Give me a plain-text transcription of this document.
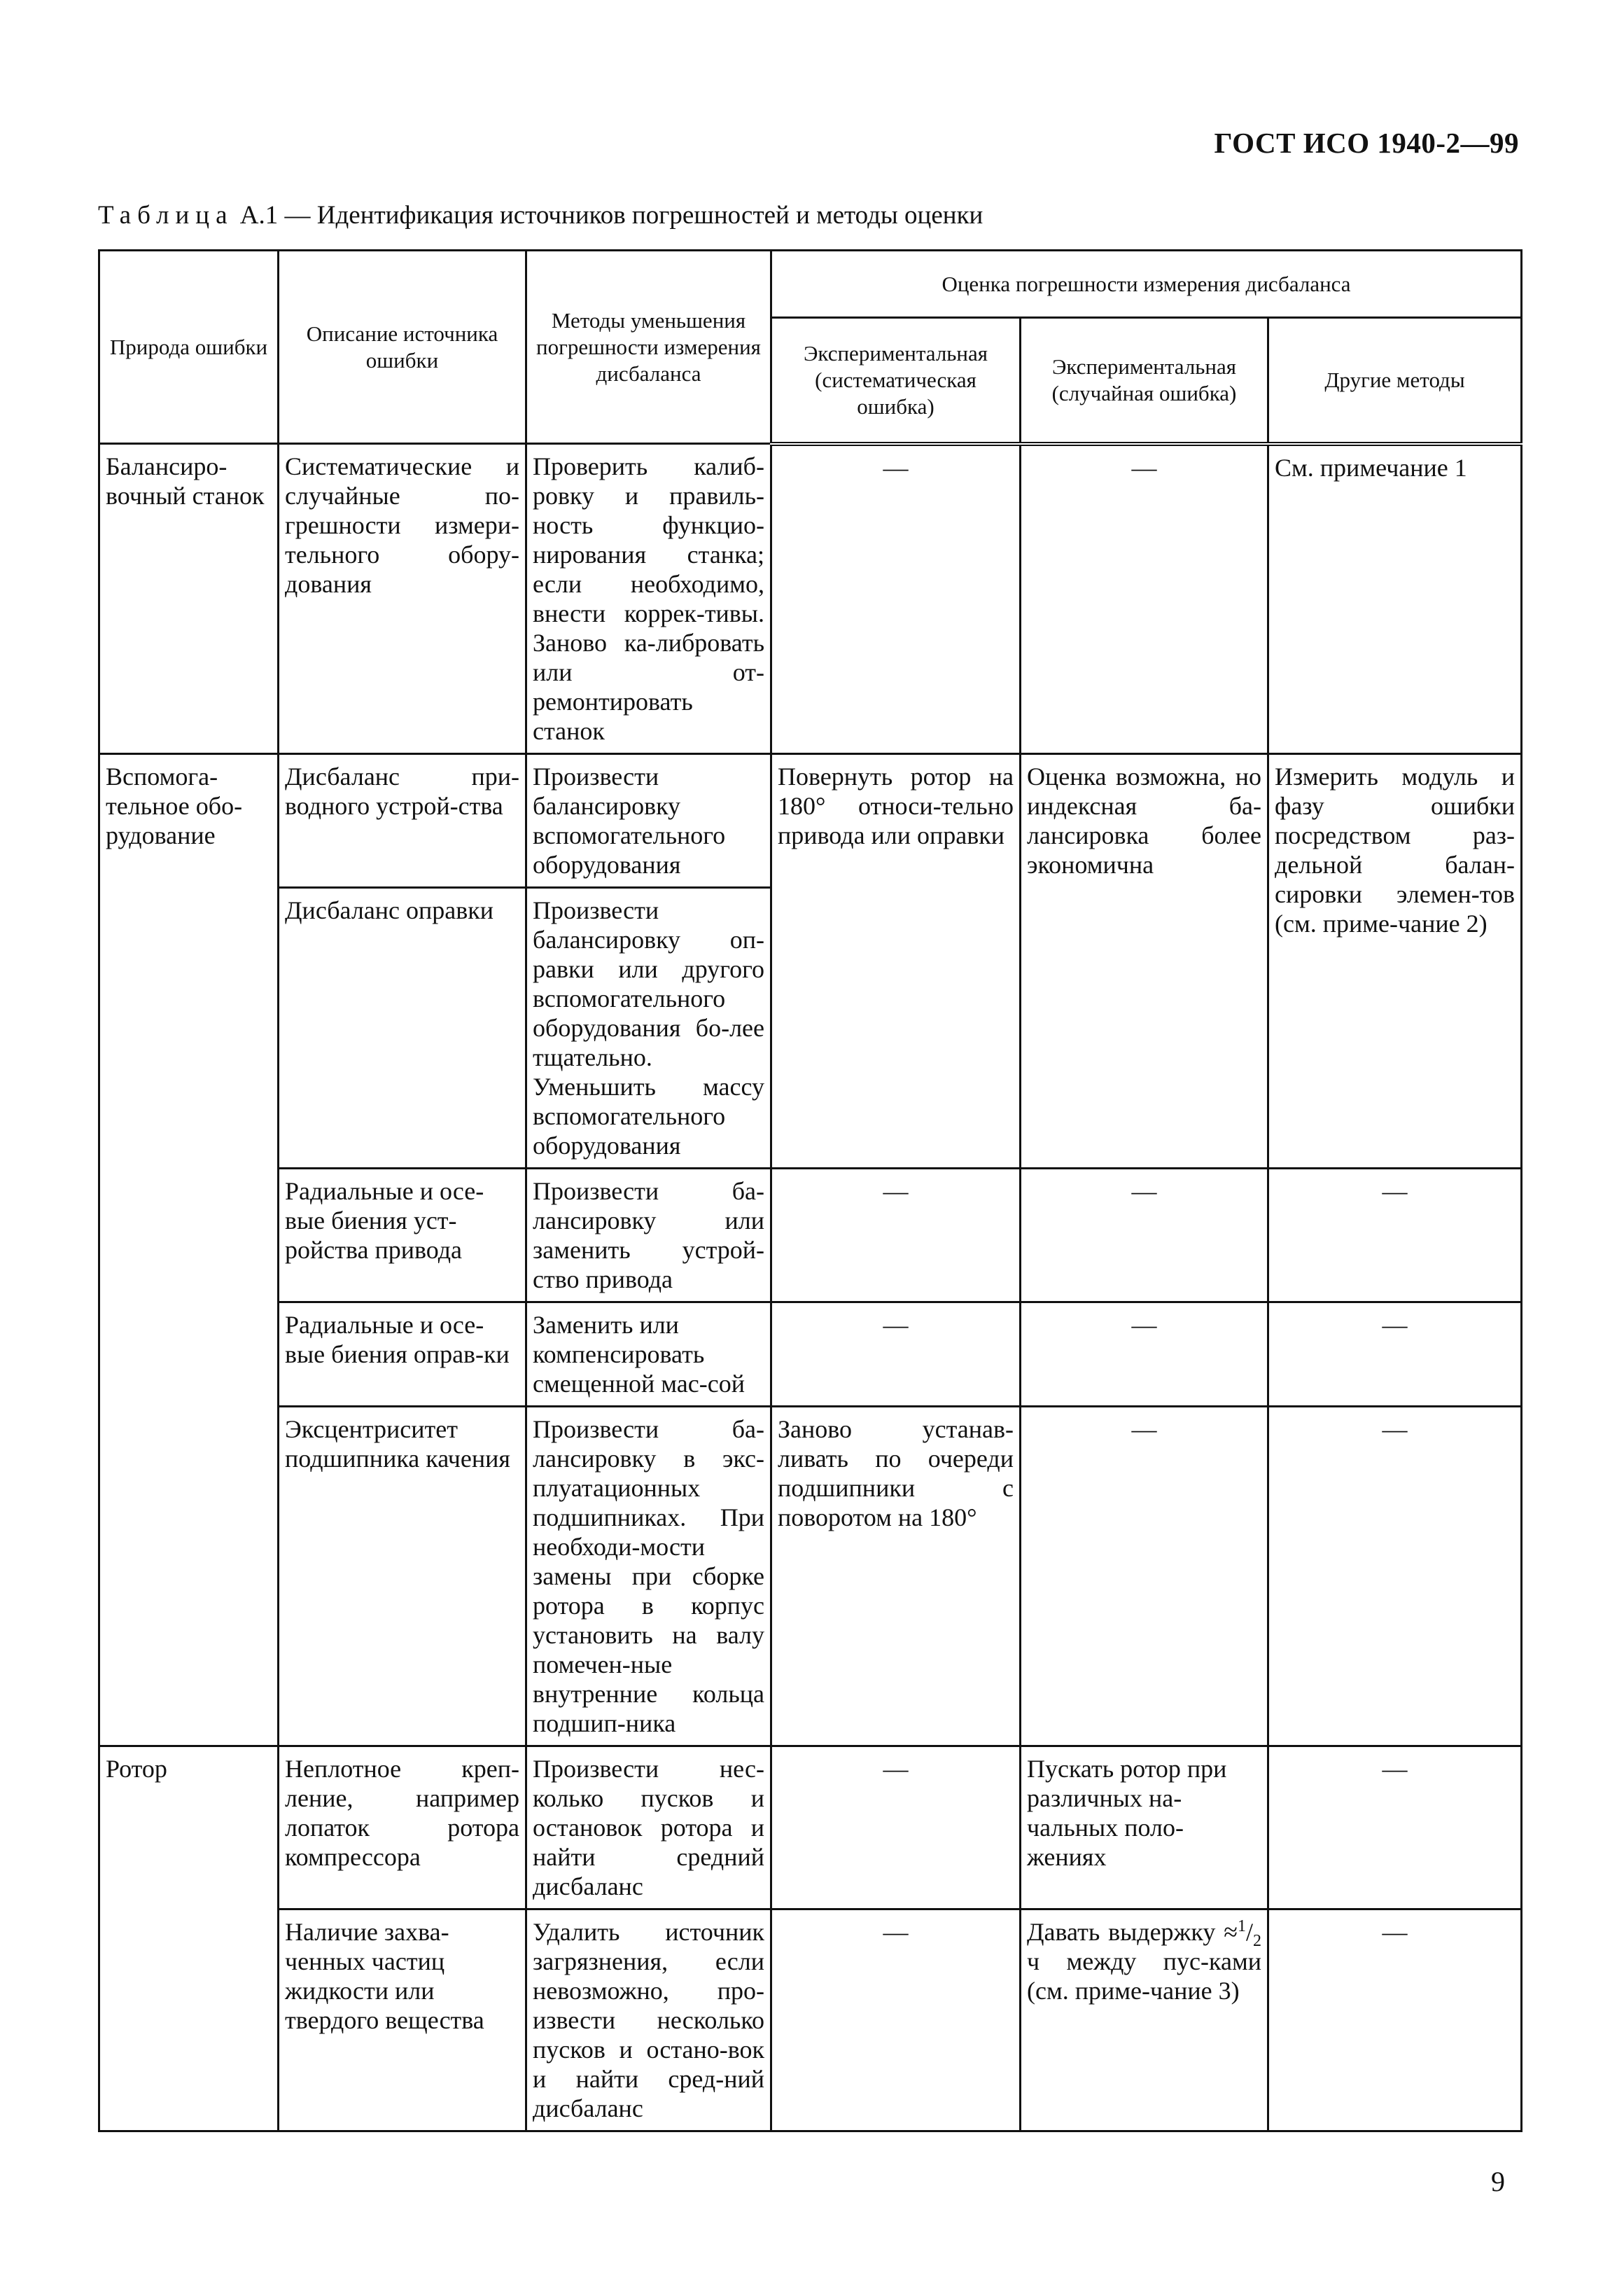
ГОСТ ИСО 1940-2—99
Таблица А.1 — Идентификация источников погрешностей и методы оценки
Природа ошибки	Описание источника ошибки	Методы уменьшения погрешности измерения дисбаланса	Оценка погрешности измерения дисбаланса		
			Экспериментальная (систематическая ошибка)	Экспериментальная (случайная ошибка)	Другие методы
Балансиро-вочный станок	Систематические и случайные по-грешности измери-тельного обору-дования	Проверить калиб-ровку и правиль-ность функцио-нирования станка; если необходимо, внести коррек-тивы. Заново ка-либровать или от-ремонтировать станок	—	—	См. примечание 1
Вспомога-тельное обо-рудование	Дисбаланс при-водного устрой-ства	Произвести балансировку вспомогательного оборудования	Повернуть ротор на 180° относи-тельно привода или оправки	Оценка возможна, но индексная ба-лансировка более экономична	Измерить модуль и фазу ошибки посредством раз-дельной балан-сировки элемен-тов (см. приме-чание 2)
	Дисбаланс оправки	Произвести балансировку оп-равки или другого вспомогательного оборудования бо-лее тщательно. Уменьшить массу вспомогательного оборудования			
	Радиальные и осе-вые биения уст-ройства привода	Произвести ба-лансировку или заменить устрой-ство привода	—	—	—
	Радиальные и осе-вые биения оправ-ки	Заменить или компенсировать смещенной мас-сой	—	—	—
	Эксцентриситет подшипника качения	Произвести ба-лансировку в экс-плуатационных подшипниках. При необходи-мости замены при сборке ротора в корпус установить на валу помечен-ные внутренние кольца подшип-ника	Заново устанав-ливать по очереди подшипники с поворотом на 180°	—	—
Ротор	Неплотное креп-ление, например лопаток ротора компрессора	Произвести нес-колько пусков и остановок ротора и найти средний дисбаланс	—	Пускать ротор при различных на-чальных поло-жениях	—
	Наличие захва-ченных частиц жидкости или твердого вещества	Удалить источник загрязнения, если невозможно, про-извести несколько пусков и остано-вок и найти сред-ний дисбаланс	—	Давать выдержку $\approx^1/_2$ ч между пус-ками (см. приме-чание 3)	—
9
